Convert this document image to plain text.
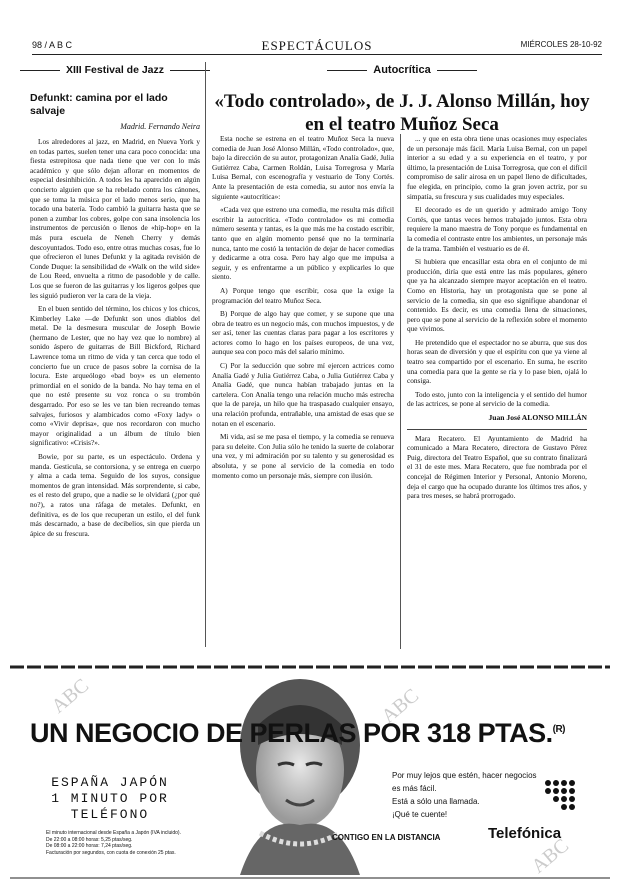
98 / A B C	ESPECTÁCULOS	MIÉRCOLES 28-10-92
XIII Festival de Jazz
Defunkt: camina por el lado salvaje
Madrid. Fernando Neira

Los alrededores al jazz, en Madrid, en Nueva York y en todas partes, suelen tener una cara poco conocida: una fiesta estrepitosa que nada tiene que ver con lo más académico y que sólo dejan aflorar en momentos de especial desinhibición. A todos les ha aparecido en algún concierto alguien que se ha rebelado contra los cánones, que se toma la música por el lado menos serio, que ha tocado una batería. Todo cambió la guitarra hasta que se ponen a zumbar los cobres, golpe con sana insolencia los instrumentos de percusión o llenos de «hip-hop» en la más pura escuela de Neneh Cherry y demás descoyuntados. Todo eso, entre otras muchas cosas, fue lo que ofrecieron el lunes Defunkt y la agitada revisión de Conde Duque: la sensibilidad de «Walk on the wild side» de Lou Reed, envuelta a ritmo de pasodoble y de calle. Los que se fueron de las guitarras y los ligeros golpes que les siguió pudieron ver la cara de la vieja.

En el buen sentido del término, los chicos y los chicos, Kimberley Lake —de Defunkt son unos diablos del metal. De la desmesura muscular de Joseph Bowie (hermano de Lester, que no hay vez que lo nombre) al sonido áspero de guitarras de Bill Bickford, Richard Lawrence toma un ritmo de vida y tan cerca que todo el concierto fue un cruce de pasos sobre la cornisa de la locura. Este arqueólogo «bad boy» es un elemento primordial en el sonido de la banda. No hay tema en el que no esté presente su voz ronca o su trombón desgarrado. Por eso se les ve tan bien recreando temas salvajes, furiosos y alambicados como «Foxy lady» o como «Vivir deprisa», que nos recordaron con mucho mayor originalidad a un álbum de título bien significativo: «Crisis?».

Bowie, por su parte, es un espectáculo. Ordena y manda. Gesticula, se contorsiona, y se entrega en cuerpo y alma a cada tema. Seguido de los suyos, consigue momentos de gran intensidad. Más sorprendente, si cabe, es el resto del grupo, que a nadie se le olvidará (¿por qué no?), a ratos una ráfaga de metales. Defunkt, en definitiva, es de los que recuperan un estilo, el del funk más descarnado, a base de decibelios, sin que pierda un ápice de su frescura.

Autocrítica
«Todo controlado», de J. J. Alonso Millán, hoy en el teatro Muñoz Seca

Esta noche se estrena en el teatro Muñoz Seca la nueva comedia de Juan José Alonso Millán, «Todo controlado», que, bajo la dirección de su autor, protagonizan Analía Gadé, Julia Gutiérrez Caba, Carmen Roldán, Luisa Torregrosa y María Luisa Bernal, con escenografía y vestuario de Tony Cortés. Ante la presentación de esta comedia, su autor nos envía la siguiente «autocrítica»:

«Cada vez que estreno una comedia, me resulta más difícil escribir la autocrítica. «Todo controlado» es mi comedia número sesenta y tantas, es la que más me ha costado escribir, tanto que en algún momento pensé que no la terminaría nunca, tanto me costó la tentación de dejar de hacer comedias y dedicarme a otra cosa. Pero hay algo que me impulsa a seguir, y es enfrentarme a un público y explicarles lo que siento.

A) Porque tengo que escribir, cosa que la exige la programación del teatro Muñoz Seca.

B) Porque de algo hay que comer, y se supone que una obra de teatro es un negocio más, con muchos impuestos, y de ser así, tener las cuentas claras para pagar a los escritores y actores como lo hago en los países europeos, de una vez, aunque sea con poco más del salario mínimo.

C) Por la seducción que sobre mí ejercen actrices como Analía Gadé y Julia Gutiérrez Caba, o Julia Gutiérrez Caba y Analía Gadé, que nunca habían trabajado juntas en la cartelera. Con Analía tengo una relación mucho más estrecha que la de pareja, un hilo que ha traspasado cualquier ensayo, una relación profunda, entrañable, una amistad de esas que se notan en el escenario.

Mi vida, así se me pasa el tiempo, y la comedia se renueva para su deleite. Con Julia sólo he tenido la suerte de colaborar una vez, y mi admiración por su talento y su generosidad es absoluta, y se pone al servicio de la comedia en todo momento como un personaje más, siempre con ilusión.

... y que en esta obra tiene unas ocasiones muy especiales de un personaje más fácil. María Luisa Bernal, con un papel interior a su edad y a su experiencia en el teatro, y por último, la presentación de Luisa Torregrosa, que con el difícil compromiso de salir airosa en un papel lleno de dificultades, fue elegida, en principio, como la gran joven actriz, por su simpatía, su frescura y sus cualidades muy especiales.

El decorado es de un querido y admirado amigo Tony Cortés, que tantas veces hemos trabajado juntos. Esta obra requiere la mano maestra de Tony porque es fundamental en la comedia el contraste entre los ambientes, un personaje más de la trama. También el vestuario es de él.

Si hubiera que encasillar esta obra en el conjunto de mi producción, diría que está entre las más populares, género que ya ha alcanzado siempre mayor aceptación en el teatro. Como en Historia, hay un protagonista que se pone al servicio de la comedia, sin que eso signifique abandonar el contenido. Es decir, es una comedia llena de situaciones, pero que se pone al servicio de la reflexión sobre el momento que vivimos.

He pretendido que el espectador no se aburra, que sus dos horas sean de diversión y que el espíritu con que ya viene al teatro sea compartido por el escenario. En suma, he escrito una comedia para que la gente se ría y lo pase bien, ojalá lo consiga.

Todo esto, junto con la inteligencia y el sentido del humor de las actrices, se pone al servicio de la comedia.

Juan José ALONSO MILLÁN

Mara Recatero. El Ayuntamiento de Madrid ha comunicado a Mara Recatero, directora de Gustavo Pérez Puig, directora del Teatro Español, que su contrato finalizará el 31 de este mes. Mara Recatero, que fue nombrada por el concejal de Régimen Interior y Personal, Antonio Moreno, deja el cargo que ha ocupado durante los últimos tres años, y para tres meses, se habrá prorrogado.

ESPAÑA JAPÓN
1 MINUTO POR
TELÉFONO
El minuto internacional desde España a Japón (IVA incluido).
De 22:00 a 08:00 horas: 5,25 ptas/seg.
De 08:00 a 22:00 horas: 7,24 ptas/seg.
Facturación por segundos, con cuota de conexión 25 ptas.
Por muy lejos que estén, hacer negocios
es más fácil.
Está a sólo una llamada.
¡Qué te cuente!
CONTIGO EN LA DISTANCIA	Telefónica
ABC	ABC
ABC
UN NEGOCIO DE PERLAS POR 318 PTAS.$^{(R)}$
